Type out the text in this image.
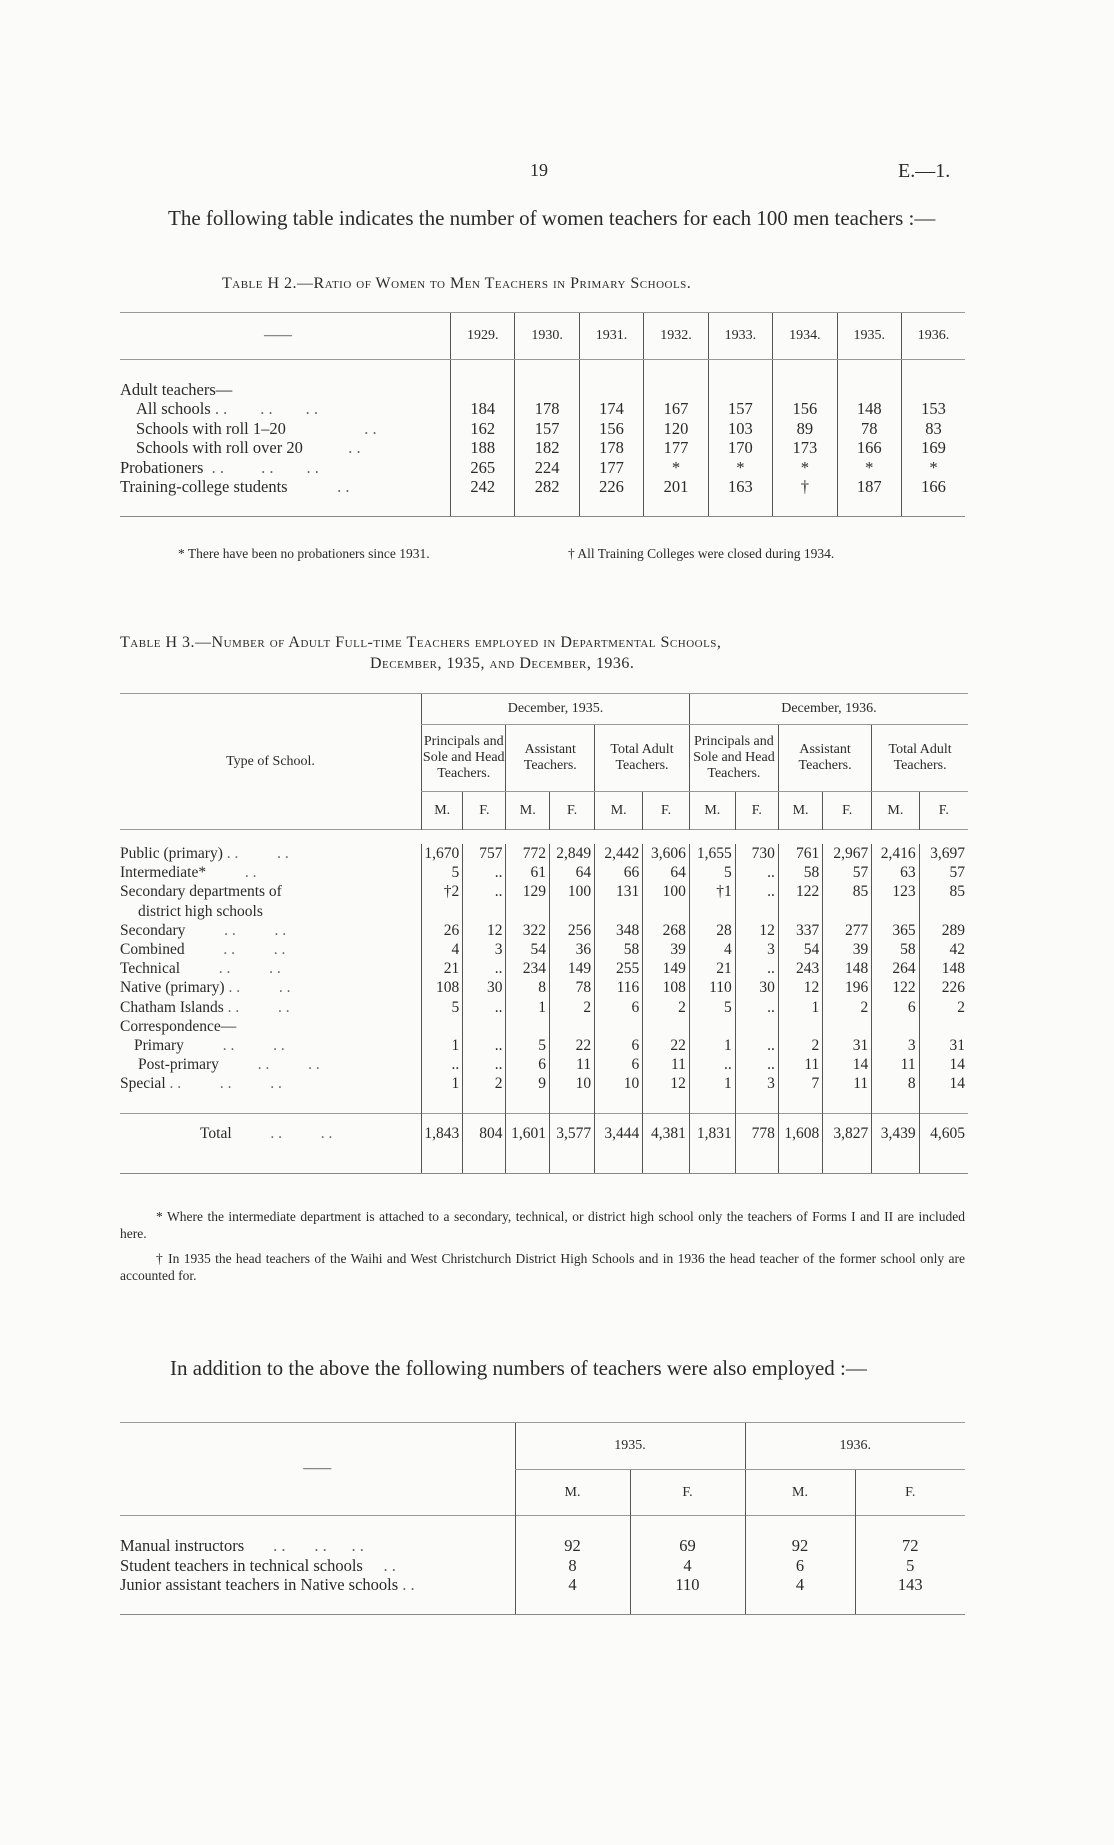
19	E.—1.
The following table indicates the number of women teachers for each 100 men teachers :—
Table H 2.—Ratio of Women to Men Teachers in Primary Schools.

——		1929.	1930.	1931.	1932.	1933.	1934.	1935.	1936.

Adult teachers—									
All schools . .        . .        . .		184	178	174	167	157	156	148	153
Schools with roll 1–20                   . .		162	157	156	120	103	89	78	83
Schools with roll over 20           . .		188	182	178	177	170	173	166	169
Probationers  . .         . .        . .		265	224	177	*	*	*	*	*
Training-college students            . .		242	282	226	201	163	†	187	166

* There have been no probationers since 1931.	† All Training Colleges were closed during 1934.
Table H 3.—Number of Adult Full-time Teachers employed in Departmental Schools,
December, 1935, and December, 1936.

Type of School.	December, 1935.						December, 1936.					
	Principals and Sole and Head Teachers.		Assistant Teachers.		Total Adult Teachers.		Principals and Sole and Head Teachers.		Assistant Teachers.		Total Adult Teachers.	
	M.	F.	M.	F.	M.	F.	M.	F.	M.	F.	M.	F.

Public (primary) . .          . .	1,670	757	772	2,849	2,442	3,606	1,655	730	761	2,967	2,416	3,697
Intermediate*          . .	5	..	61	64	66	64	5	..	58	57	63	57
Secondary departments of	†2	..	129	100	131	100	†1	..	122	85	123	85
district high schools												
Secondary          . .          . .	26	12	322	256	348	268	28	12	337	277	365	289
Combined          . .          . .	4	3	54	36	58	39	4	3	54	39	58	42
Technical          . .          . .	21	..	234	149	255	149	21	..	243	148	264	148
Native (primary) . .          . .	108	30	8	78	116	108	110	30	12	196	122	226
Chatham Islands . .          . .	5	..	1	2	6	2	5	..	1	2	6	2
Correspondence—												
Primary          . .          . .	1	..	5	22	6	22	1	..	2	31	3	31
Post-primary          . .          . .	..	..	6	11	6	11	..	..	11	14	11	14
Special . .          . .          . .	1	2	9	10	10	12	1	3	7	11	8	14

Total          . .          . .	1,843	804	1,601	3,577	3,444	4,381	1,831	778	1,608	3,827	3,439	4,605

* Where the intermediate department is attached to a secondary, technical, or district high school only the teachers of Forms I and II are included here.
† In 1935 the head teachers of the Waihi and West Christchurch District High Schools and in 1936 the head teacher of the former school only are accounted for.
In addition to the above the following numbers of teachers were also employed :—

——	1935.		1936.	
	M.	F.	M.	F.

Manual instructors       . .       . .      . .	92	69	92	72
Student teachers in technical schools     . .	8	4	6	5
Junior assistant teachers in Native schools . .	4	110	4	143
